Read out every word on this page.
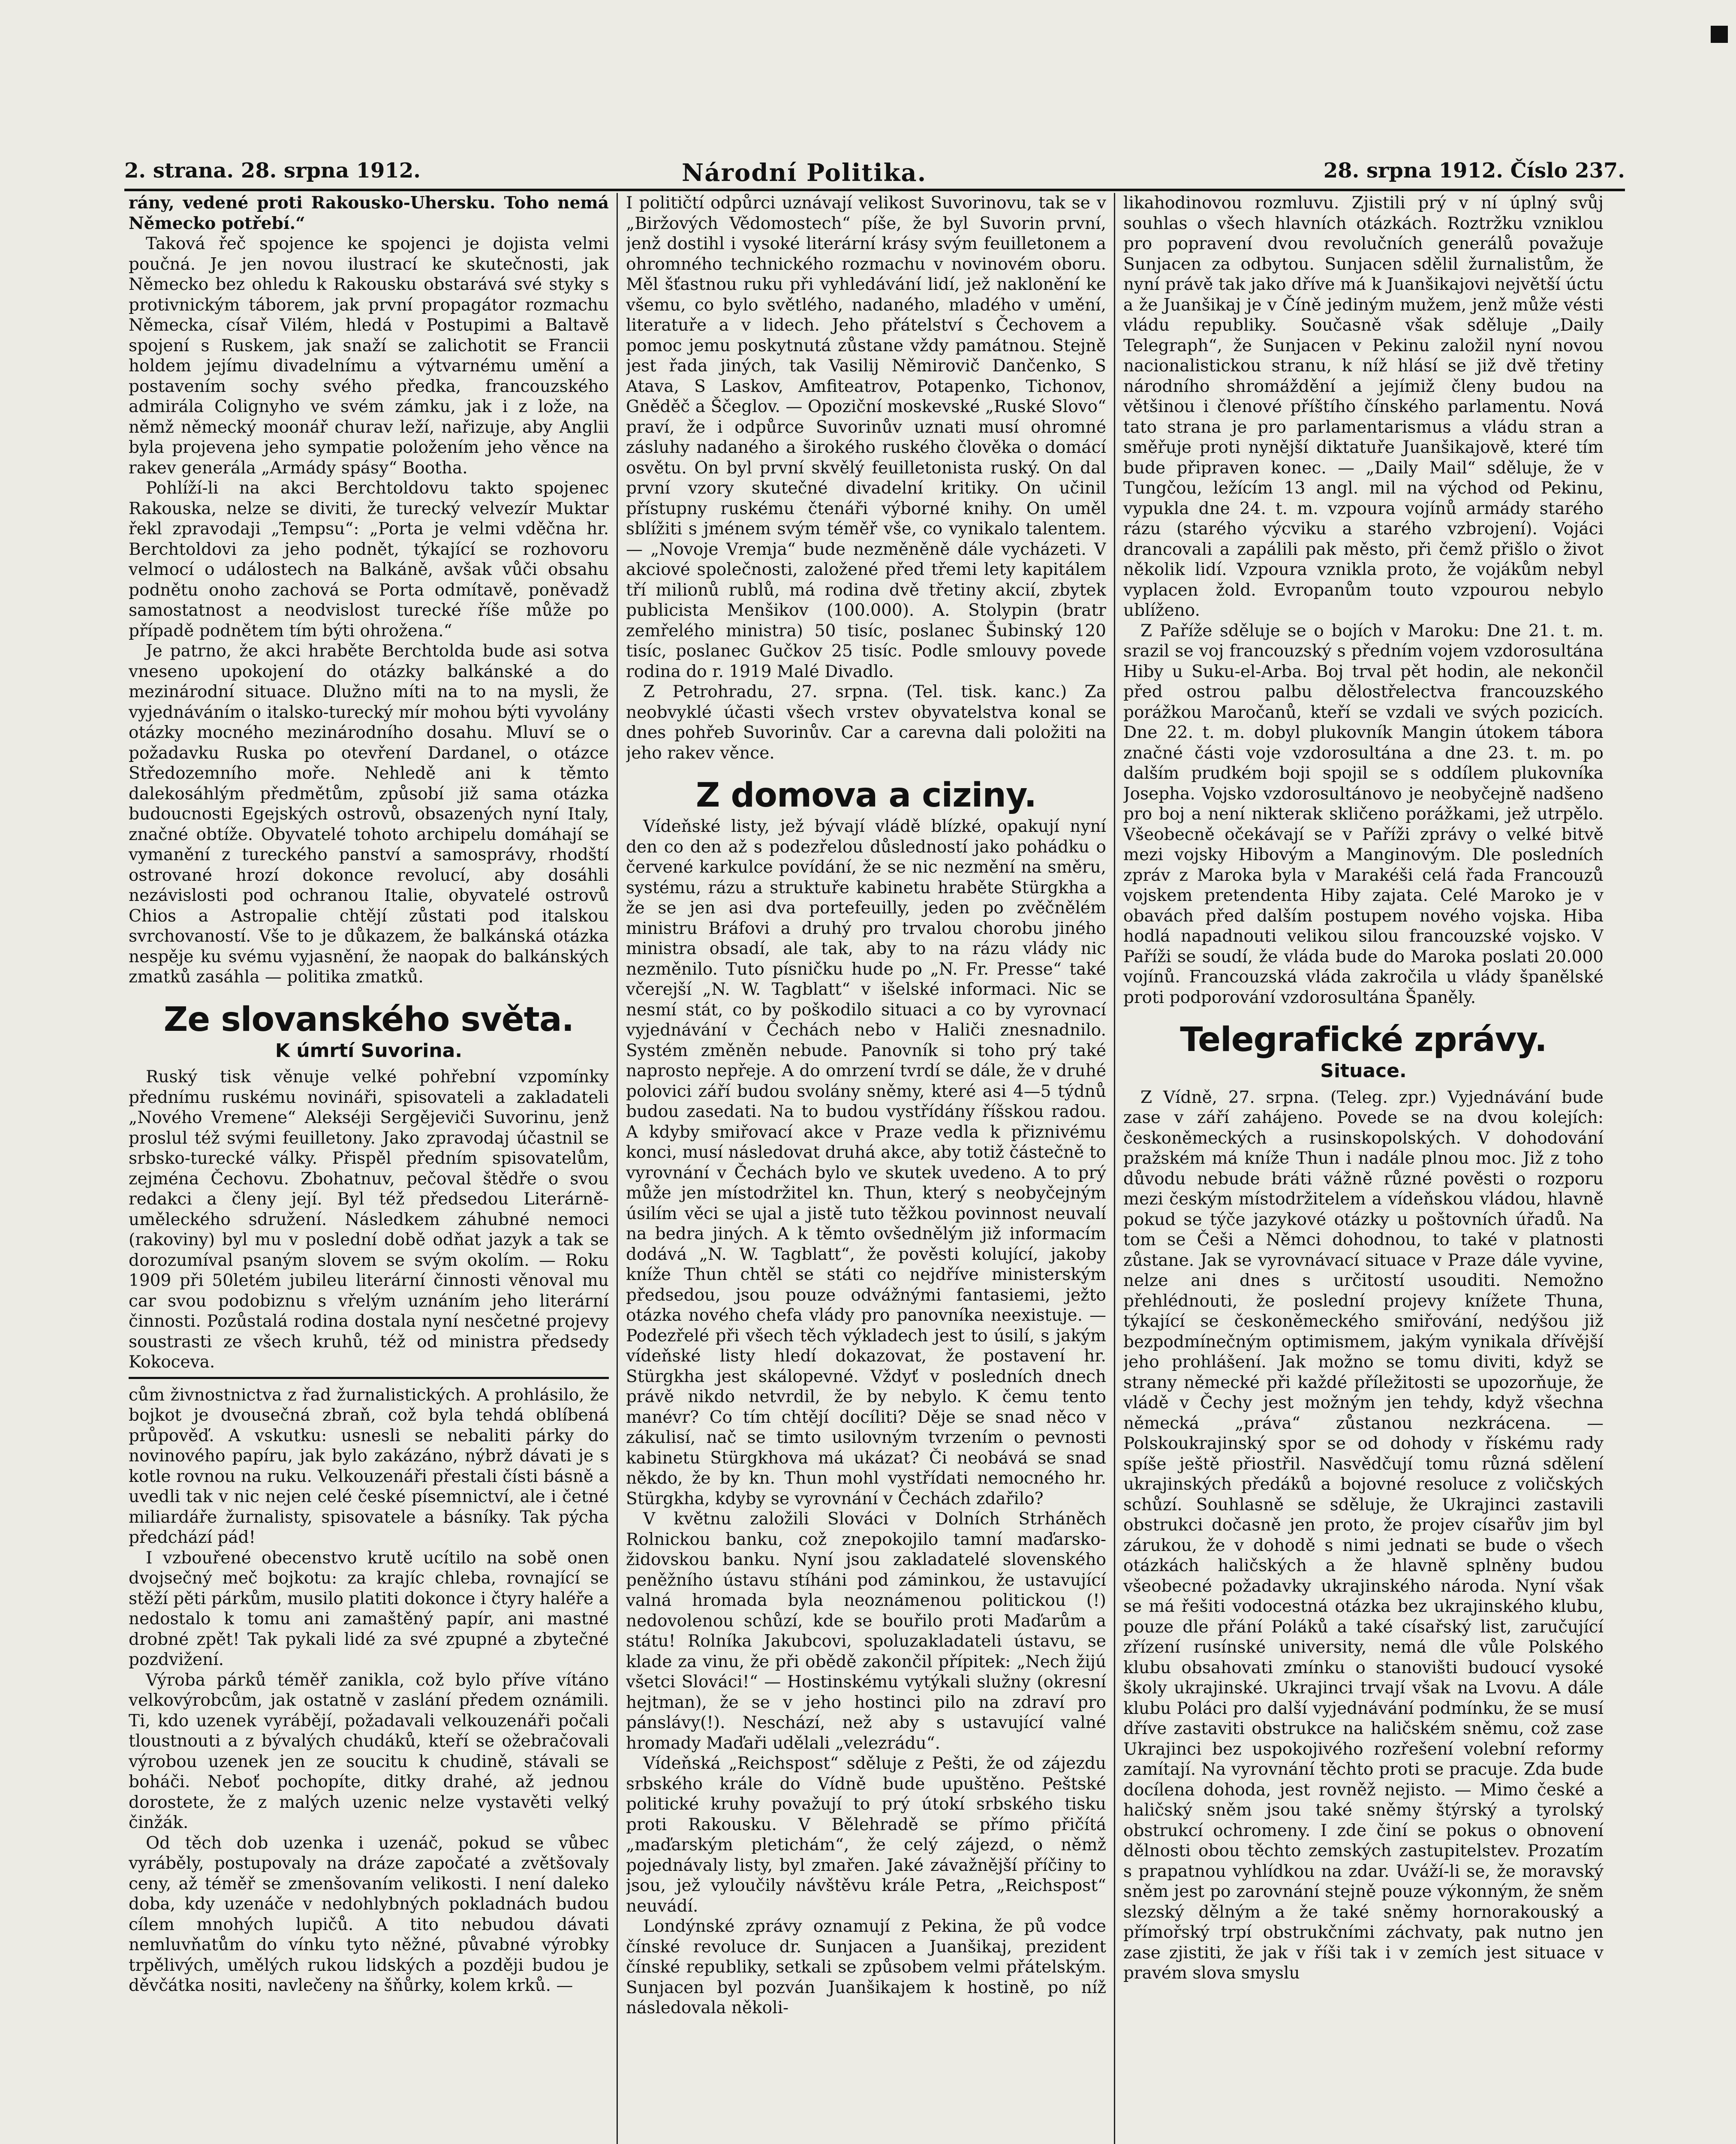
2. strana. 28. srpna 1912.	Národní Politika.	28. srpna 1912. Číslo 237.

rány, vedené proti Rakousko-Uhersku. Toho nemá Německo potřebí.“

Taková řeč spojence ke spojenci je dojista velmi poučná. Je jen novou ilustrací ke skutečnosti, jak Německo bez ohledu k Rakousku obstarává své styky s protivnickým táborem, jak první propagátor rozmachu Německa, císař Vilém, hledá v Postupimi a Baltavě spojení s Ruskem, jak snaží se zalichotit se Francii holdem jejímu divadelnímu a výtvarnému umění a postavením sochy svého předka, francouzského admirála Colignyho ve svém zámku, jak i z lože, na němž německý moonář churav leží, nařizuje, aby Anglii byla projevena jeho sympatie položením jeho věnce na rakev generála „Armády spásy“ Bootha.

Pohlíží-li na akci Berchtoldovu takto spojenec Rakouska, nelze se diviti, že turecký velvezír Muktar řekl zpravodaji „Tempsu“: „Porta je velmi vděčna hr. Berchtoldovi za jeho podnět, týkající se rozhovoru velmocí o událostech na Balkáně, avšak vůči obsahu podnětu onoho zachová se Porta odmítavě, poněvadž samostatnost a neodvislost turecké říše může po případě podnětem tím býti ohrožena.“

Je patrno, že akci hraběte Berchtolda bude asi sotva vneseno upokojení do otázky balkánské a do mezinárodní situace. Dlužno míti na to na mysli, že vyjednáváním o italsko-turecký mír mohou býti vyvolány otázky mocného mezinárodního dosahu. Mluví se o požadavku Ruska po otevření Dardanel, o otázce Středozemního moře. Nehledě ani k těmto dalekosáhlým předmětům, způsobí již sama otázka budoucnosti Egejských ostrovů, obsazených nyní Italy, značné obtíže. Obyvatelé tohoto archipelu domáhají se vymanění z tureckého panství a samosprávy, rhodští ostrované hrozí dokonce revolucí, aby dosáhli nezávislosti pod ochranou Italie, obyvatelé ostrovů Chios a Astropalie chtějí zůstati pod italskou svrchovaností. Vše to je důkazem, že balkánská otázka nespěje ku svému vyjasnění, že naopak do balkánských zmatků zasáhla — politika zmatků.

Ze slovanského světa.
K úmrtí Suvorina.

Ruský tisk věnuje velké pohřební vzpomínky přednímu ruskému novináři, spisovateli a zakladateli „Nového Vremene“ Alekséji Sergějeviči Suvorinu, jenž proslul též svými feuilletony. Jako zpravodaj účastnil se srbsko-turecké války. Přispěl předním spisovatelům, zejména Čechovu. Zbohatnuv, pečoval štědře o svou redakci a členy její. Byl též předsedou Literárně-uměleckého sdružení. Následkem záhubné nemoci (rakoviny) byl mu v poslední době odňat jazyk a tak se dorozumíval psaným slovem se svým okolím. — Roku 1909 při 50letém jubileu literární činnosti věnoval mu car svou podobiznu s vřelým uznáním jeho literární činnosti. Pozůstalá rodina dostala nyní nesčetné projevy soustrasti ze všech kruhů, též od ministra předsedy Kokoceva.

cům živnostnictva z řad žurnalistických. A prohlásilo, že bojkot je dvousečná zbraň, což byla tehdá oblíbená průpověď. A vskutku: usnesli se nebaliti párky do novinového papíru, jak bylo zakázáno, nýbrž dávati je s kotle rovnou na ruku. Velkouzenáři přestali čísti básně a uvedli tak v nic nejen celé české písemnictví, ale i četné miliardáře žurnalisty, spisovatele a básníky. Tak pýcha předchází pád!

I vzbouřené obecenstvo krutě ucítilo na sobě onen dvojsečný meč bojkotu: za krajíc chleba, rovnající se stěží pěti párkům, musilo platiti dokonce i čtyry haléře a nedostalo k tomu ani zamaštěný papír, ani mastné drobné zpět! Tak pykali lidé za své zpupné a zbytečné pozdvižení.

Výroba párků téměř zanikla, což bylo příve vítáno velkovýrobcům, jak ostatně v zaslání předem oznámili. Ti, kdo uzenek vyrábějí, požadavali velkouzenáři počali tloustnouti a z bývalých chudáků, kteří se ožebračovali výrobou uzenek jen ze soucitu k chudině, stávali se boháči. Neboť pochopíte, ditky drahé, až jednou dorostete, že z malých uzenic nelze vystavěti velký činžák.

Od těch dob uzenka i uzenáč, pokud se vůbec vyráběly, postupovaly na dráze započaté a zvětšovaly ceny, až téměř se zmenšovaním velikosti. I není daleko doba, kdy uzenáče v nedohlybných pokladnách budou cílem mnohých lupičů. A tito nebudou dávati nemluvňatům do vínku tyto něžné, půvabné výrobky trpělivých, umělých rukou lidských a později budou je děvčátka nositi, navlečeny na šňůrky, kolem krků. —

I političtí odpůrci uznávají velikost Suvorinovu, tak se v „Biržových Vědomostech“ píše, že byl Suvorin první, jenž dostihl i vysoké literární krásy svým feuilletonem a ohromného technického rozmachu v novinovém oboru. Měl šťastnou ruku při vyhledávání lidí, jež naklonění ke všemu, co bylo světlého, nadaného, mladého v umění, literatuře a v lidech. Jeho přátelství s Čechovem a pomoc jemu poskytnutá zůstane vždy památnou. Stejně jest řada jiných, tak Vasilij Němirovič Dančenko, S Atava, S Laskov, Amfiteatrov, Potapenko, Tichonov, Gněděč a Ščeglov. — Opoziční moskevské „Ruské Slovo“ praví, že i odpůrce Suvorinův uznati musí ohromné zásluhy nadaného a širokého ruského člověka o domácí osvětu. On byl první skvělý feuilletonista ruský. On dal první vzory skutečné divadelní kritiky. On učinil přístupny ruskému čtenáři výborné knihy. On uměl sblížiti s jménem svým téměř vše, co vynikalo talentem. — „Novoje Vremja“ bude nezměněně dále vycházeti. V akciové společnosti, založené před třemi lety kapitálem tří milionů rublů, má rodina dvě třetiny akcií, zbytek publicista Menšikov (100.000). A. Stolypin (bratr zemřelého ministra) 50 tisíc, poslanec Šubinský 120 tisíc, poslanec Gučkov 25 tisíc. Podle smlouvy povede rodina do r. 1919 Malé Divadlo.

Z Petrohradu, 27. srpna. (Tel. tisk. kanc.) Za neobvyklé účasti všech vrstev obyvatelstva konal se dnes pohřeb Suvorinův. Car a carevna dali položiti na jeho rakev věnce.

Z domova a ciziny.

Vídeňské listy, jež bývají vládě blízké, opakují nyní den co den až s podezřelou důsledností jako pohádku o červené karkulce povídání, že se nic nezmění na směru, systému, rázu a struktuře kabinetu hraběte Stürgkha a že se jen asi dva portefeuilly, jeden po zvěčnělém ministru Bráfovi a druhý pro trvalou chorobu jiného ministra obsadí, ale tak, aby to na rázu vlády nic nezměnilo. Tuto písničku hude po „N. Fr. Presse“ také včerejší „N. W. Tagblatt“ v išelské informaci. Nic se nesmí stát, co by poškodilo situaci a co by vyrovnací vyjednávání v Čechách nebo v Haliči znesnadnilo. Systém změněn nebude. Panovník si toho prý také naprosto nepřeje. A do omrzení tvrdí se dále, že v druhé polovici září budou svolány sněmy, které asi 4—5 týdnů budou zasedati. Na to budou vystřídány říšskou radou. A kdyby smiřovací akce v Praze vedla k přiznivému konci, musí následovat druhá akce, aby totiž částečně to vyrovnání v Čechách bylo ve skutek uvedeno. A to prý může jen místodržitel kn. Thun, který s neobyčejným úsilím věci se ujal a jistě tuto těžkou povinnost neuvalí na bedra jiných. A k těmto ovšednělým již informacím dodává „N. W. Tagblatt“, že pověsti kolující, jakoby kníže Thun chtěl se státi co nejdříve ministerským předsedou, jsou pouze odvážnými fantasiemi, ježto otázka nového chefa vlády pro panovníka neexistuje. — Podezřelé při všech těch výkladech jest to úsilí, s jakým vídeňské listy hledí dokazovat, že postavení hr. Stürgkha jest skálopevné. Vždyť v posledních dnech právě nikdo netvrdil, že by nebylo. K čemu tento manévr? Co tím chtějí docíliti? Děje se snad něco v zákulisí, nač se timto usilovným tvrzením o pevnosti kabinetu Stürgkhova má ukázat? Či neobává se snad někdo, že by kn. Thun mohl vystřídati nemocného hr. Stürgkha, kdyby se vyrovnání v Čechách zdařilo?

V květnu založili Slováci v Dolních Strháněch Rolnickou banku, což znepokojilo tamní maďarsko-židovskou banku. Nyní jsou zakladatelé slovenského peněžního ústavu stíháni pod záminkou, že ustavující valná hromada byla neoznámenou politickou (!) nedovolenou schůzí, kde se bouřilo proti Maďarům a státu! Rolníka Jakubcovi, spoluzakladateli ústavu, se klade za vinu, že při obědě zakončil přípitek: „Nech žijú všetci Slováci!“ — Hostinskému vytýkali služny (okresní hejtman), že se v jeho hostinci pilo na zdraví pro pánslávy(!). Neschází, než aby s ustavující valné hromady Maďaři udělali „velezrádu“.

Vídeňská „Reichspost“ sděluje z Pešti, že od zájezdu srbského krále do Vídně bude upuštěno. Peštské politické kruhy považují to prý útokí srbského tisku proti Rakousku. V Bělehradě se přímo přičítá „maďarským pletichám“, že celý zájezd, o němž pojednávaly listy, byl zmařen. Jaké závažnější příčiny to jsou, jež vyloučily návštěvu krále Petra, „Reichspost“ neuvádí.

Londýnské zprávy oznamují z Pekina, že pů vodce čínské revoluce dr. Sunjacen a Juanšikaj, prezident čínské republiky, setkali se způsobem velmi přátelským. Sunjacen byl pozván Juanšikajem k hostině, po níž následovala několi-

likahodinovou rozmluvu. Zjistili prý v ní úplný svůj souhlas o všech hlavních otázkách. Roztržku vzniklou pro popravení dvou revolučních generálů považuje Sunjacen za odbytou. Sunjacen sdělil žurnalistům, že nyní právě tak jako dříve má k Juanšikajovi největší úctu a že Juanšikaj je v Číně jediným mužem, jenž může vésti vládu republiky. Současně však sděluje „Daily Telegraph“, že Sunjacen v Pekinu založil nyní novou nacionalistickou stranu, k níž hlásí se již dvě třetiny národního shromáždění a jejímiž členy budou na většinou i členové příštího čínského parlamentu. Nová tato strana je pro parlamentarismus a vládu stran a směřuje proti nynější diktatuře Juanšikajově, které tím bude připraven konec. — „Daily Mail“ sděluje, že v Tungčou, ležícím 13 angl. mil na východ od Pekinu, vypukla dne 24. t. m. vzpoura vojínů armády starého rázu (starého výcviku a starého vzbrojení). Vojáci drancovali a zapálili pak město, při čemž přišlo o život několik lidí. Vzpoura vznikla proto, že vojákům nebyl vyplacen žold. Evropanům touto vzpourou nebylo ublíženo.

Z Paříže sděluje se o bojích v Maroku: Dne 21. t. m. srazil se voj francouzský s předním vojem vzdorosultána Hiby u Suku-el-Arba. Boj trval pět hodin, ale nekončil před ostrou palbu dělostřelectva francouzského porážkou Maročanů, kteří se vzdali ve svých pozicích. Dne 22. t. m. dobyl plukovník Mangin útokem tábora značné části voje vzdorosultána a dne 23. t. m. po dalším prudkém boji spojil se s oddílem plukovníka Josepha. Vojsko vzdorosultánovo je neobyčejně nadšeno pro boj a není nikterak skličeno porážkami, jež utrpělo. Všeobecně očekávají se v Paříži zprávy o velké bitvě mezi vojsky Hibovým a Manginovým. Dle posledních zpráv z Maroka byla v Marakéši celá řada Francouzů vojskem pretendenta Hiby zajata. Celé Maroko je v obavách před dalším postupem nového vojska. Hiba hodlá napadnouti velikou silou francouzské vojsko. V Paříži se soudí, že vláda bude do Maroka poslati 20.000 vojínů. Francouzská vláda zakročila u vlády španělské proti podporování vzdorosultána Španěly.

Telegrafické zprávy.
Situace.

Z Vídně, 27. srpna. (Teleg. zpr.) Vyjednávání bude zase v září zahájeno. Povede se na dvou kolejích: českoněmeckých a rusinskopolských. V dohodování pražském má kníže Thun i nadále plnou moc. Již z toho důvodu nebude bráti vážně různé pověsti o rozporu mezi českým místodržitelem a vídeňskou vládou, hlavně pokud se týče jazykové otázky u poštovních úřadů. Na tom se Češi a Němci dohodnou, to také v platnosti zůstane. Jak se vyrovnávací situace v Praze dále vyvine, nelze ani dnes s určitostí usouditi. Nemožno přehlédnouti, že poslední projevy knížete Thuna, týkající se českoněmeckého smiřování, nedýšou již bezpodmínečným optimismem, jakým vynikala dřívější jeho prohlášení. Jak možno se tomu diviti, když se strany německé při každé příležitosti se upozorňuje, že vládě v Čechy jest možným jen tehdy, když všechna německá „práva“ zůstanou nezkrácena. — Polskoukrajinský spor se od dohody v řískému rady spíše ještě přiostřil. Nasvědčují tomu různá sdělení ukrajinských předáků a bojovné resoluce z voličských schůzí. Souhlasně se sděluje, že Ukrajinci zastavili obstrukci dočasně jen proto, že projev císařův jim byl zárukou, že v dohodě s nimi jednati se bude o všech otázkách haličských a že hlavně splněny budou všeobecné požadavky ukrajinského národa. Nyní však se má řešiti vodocestná otázka bez ukrajinského klubu, pouze dle přání Poláků a také císařský list, zaručující zřízení rusínské university, nemá dle vůle Polského klubu obsahovati zmínku o stanovišti budoucí vysoké školy ukrajinské. Ukrajinci trvají však na Lvovu. A dále klubu Poláci pro další vyjednávání podmínku, že se musí dříve zastaviti obstrukce na haličském sněmu, což zase Ukrajinci bez uspokojivého rozřešení volební reformy zamítají. Na vyrovnání těchto proti se pracuje. Zda bude docílena dohoda, jest rovněž nejisto. — Mimo české a haličský sněm jsou také sněmy štýrský a tyrolský obstrukcí ochromeny. I zde činí se pokus o obnovení dělnosti obou těchto zemských zastupitelstev. Prozatím s prapatnou vyhlídkou na zdar. Uváží-li se, že moravský sněm jest po zarovnání stejně pouze výkonným, že sněm slezský dělným a že také sněmy hornorakouský a přímořský trpí obstrukčními záchvaty, pak nutno jen zase zjistiti, že jak v říši tak i v zemích jest situace v pravém slova smyslu
